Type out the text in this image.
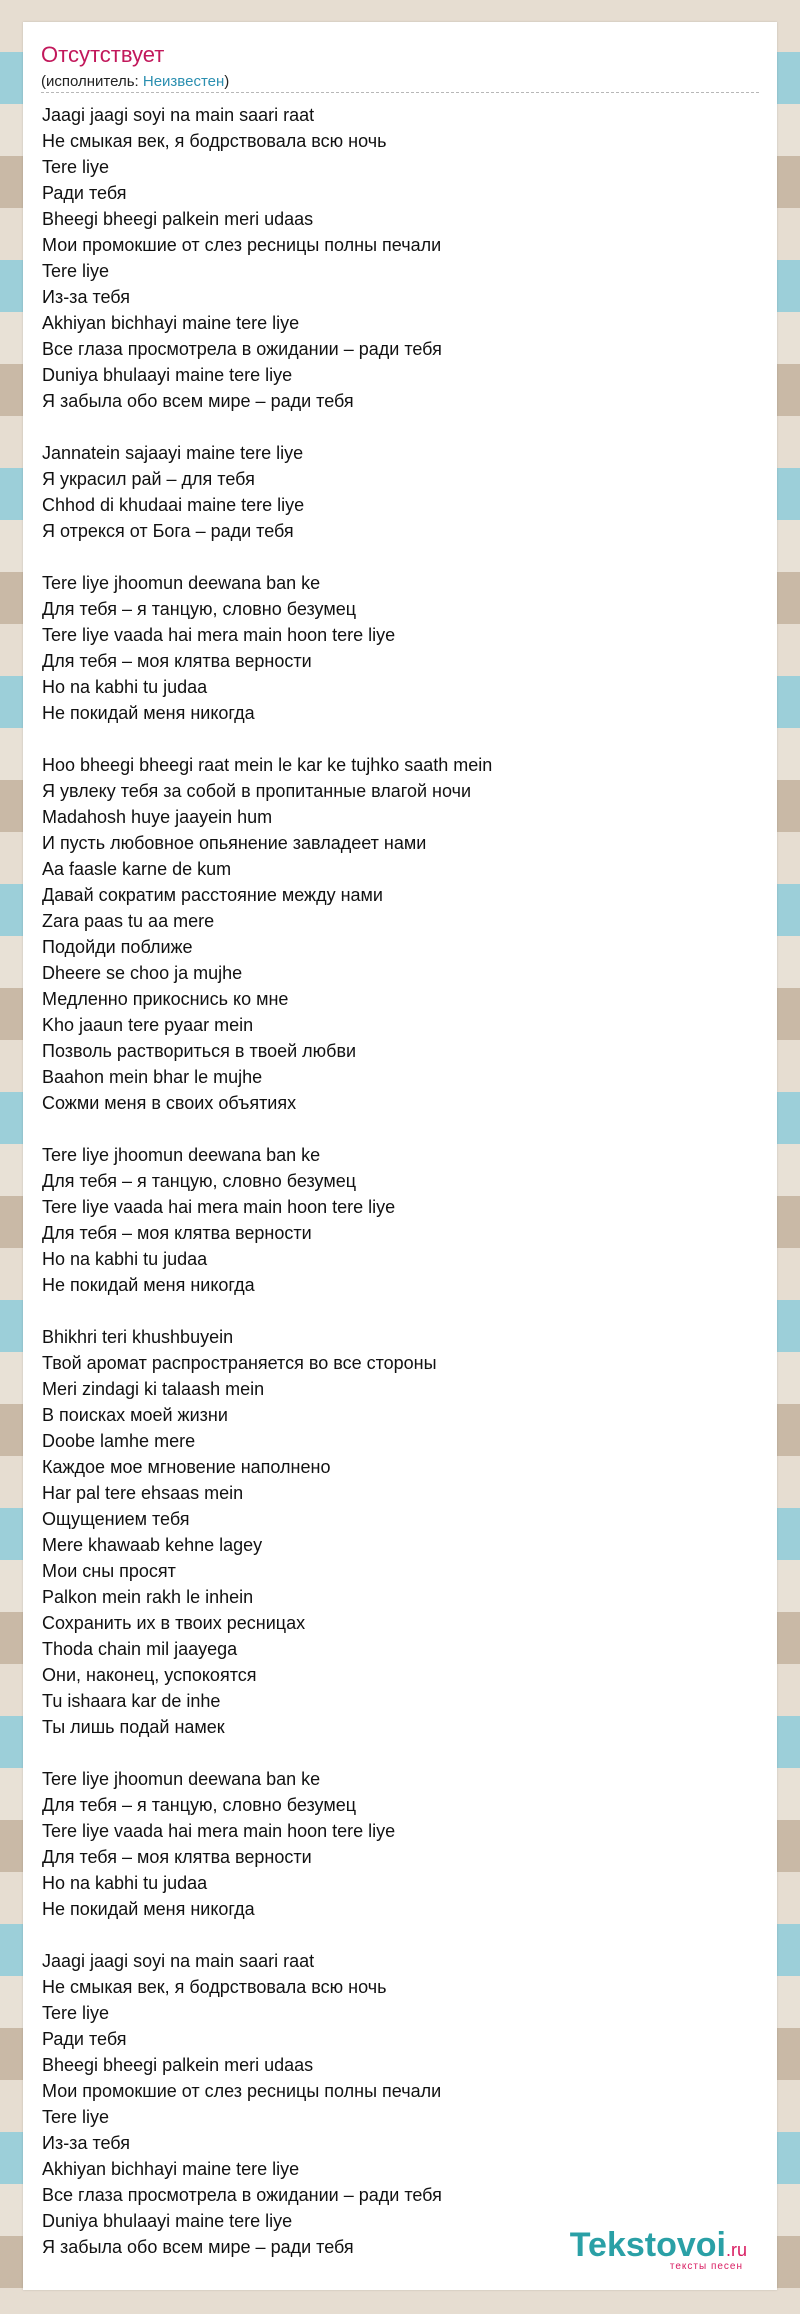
Отсутствует
(исполнитель: Неизвестен)
Jaagi jaagi soyi na main saari raat
Не смыкая век, я бодрствовала всю ночь
Tere liye
Ради тебя
Bheegi bheegi palkein meri udaas
Мои промокшие от слез ресницы полны печали
Tere liye
Из-за тебя
Akhiyan bichhayi maine tere liye
Все глаза просмотрела в ожидании – ради тебя
Duniya bhulaayi maine tere liye
Я забыла обо всем мире – ради тебя
Jannatein sajaayi maine tere liye
Я украсил рай – для тебя
Chhod di khudaai maine tere liye
Я отрекся от Бога – ради тебя
Tere liye jhoomun deewana ban ke
Для тебя – я танцую, словно безумец
Tere liye vaada hai mera main hoon tere liye
Для тебя – моя клятва верности
Ho na kabhi tu judaa
Не покидай меня никогда
Hoo bheegi bheegi raat mein le kar ke tujhko saath mein
Я увлеку тебя за собой в пропитанные влагой ночи
Madahosh huye jaayein hum
И пусть любовное опьянение завладеет нами
Aa faasle karne de kum
Давай сократим расстояние между нами
Zara paas tu aa mere
Подойди поближе
Dheere se choo ja mujhe
Медленно прикоснись ко мне
Kho jaaun tere pyaar mein
Позволь раствориться в твоей любви
Baahon mein bhar le mujhe
Сожми меня в своих объятиях
Tere liye jhoomun deewana ban ke
Для тебя – я танцую, словно безумец
Tere liye vaada hai mera main hoon tere liye
Для тебя – моя клятва верности
Ho na kabhi tu judaa
Не покидай меня никогда
Bhikhri teri khushbuyein
Твой аромат распространяется во все стороны
Meri zindagi ki talaash mein
В поисках моей жизни
Doobe lamhe mere
Каждое мое мгновение наполнено
Har pal tere ehsaas mein
Ощущением тебя
Mere khawaab kehne lagey
Мои сны просят
Palkon mein rakh le inhein
Сохранить их в твоих ресницах
Thoda chain mil jaayega
Они, наконец, успокоятся
Tu ishaara kar de inhe
Ты лишь подай намек
Tere liye jhoomun deewana ban ke
Для тебя – я танцую, словно безумец
Tere liye vaada hai mera main hoon tere liye
Для тебя – моя клятва верности
Ho na kabhi tu judaa
Не покидай меня никогда
Jaagi jaagi soyi na main saari raat
Не смыкая век, я бодрствовала всю ночь
Tere liye
Ради тебя
Bheegi bheegi palkein meri udaas
Мои промокшие от слез ресницы полны печали
Tere liye
Из-за тебя
Akhiyan bichhayi maine tere liye
Все глаза просмотрела в ожидании – ради тебя
Duniya bhulaayi maine tere liye
Я забыла обо всем мире – ради тебя	Tekstovoi.ru
тексты песен
